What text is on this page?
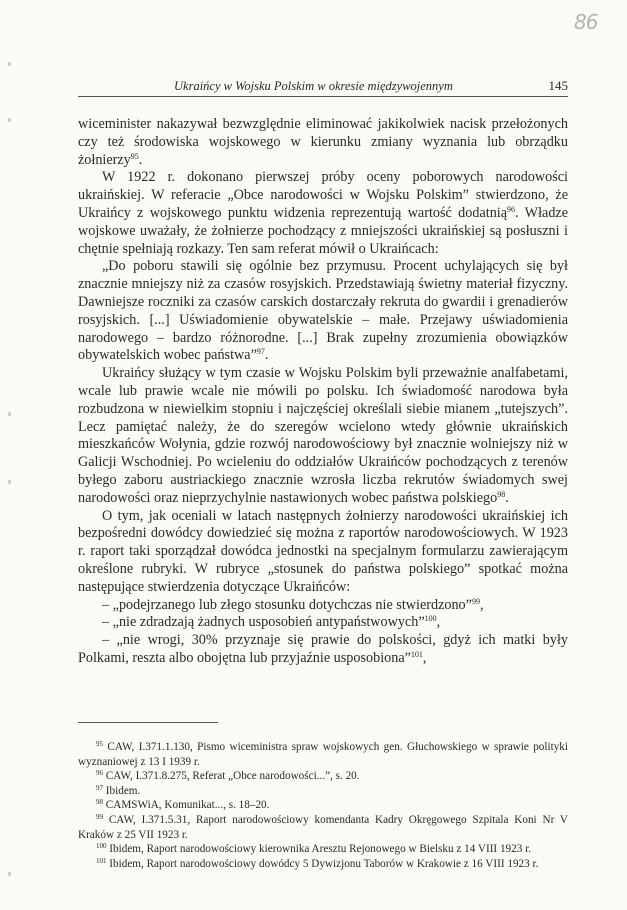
86
Ukraińcy w Wojsku Polskim w okresie międzywojennym	145

wiceminister nakazywał bezwzględnie eliminować jakikolwiek nacisk przełożonych czy też środowiska wojskowego w kierunku zmiany wyznania lub obrządku żołnierzy$^{95}$.

W 1922 r. dokonano pierwszej próby oceny poborowych narodowości ukraińskiej. W referacie „Obce narodowości w Wojsku Polskim” stwierdzono, że Ukraińcy z wojskowego punktu widzenia reprezentują wartość dodatnią$^{96}$. Władze wojskowe uważały, że żołnierze pochodzący z mniejszości ukraińskiej są posłuszni i chętnie spełniają rozkazy. Ten sam referat mówił o Ukraińcach:

„Do poboru stawili się ogólnie bez przymusu. Procent uchylających się był znacznie mniejszy niż za czasów rosyjskich. Przedstawiają świetny materiał fizyczny. Dawniejsze roczniki za czasów carskich dostarczały rekruta do gwardii i grenadierów rosyjskich. [...] Uświadomienie obywatelskie – małe. Przejawy uświadomienia narodowego – bardzo różnorodne. [...] Brak zupełny zrozumienia obowiązków obywatelskich wobec państwa”$^{97}$.

Ukraińcy służący w tym czasie w Wojsku Polskim byli przeważnie analfabetami, wcale lub prawie wcale nie mówili po polsku. Ich świadomość narodowa była rozbudzona w niewielkim stopniu i najczęściej określali siebie mianem „tutejszych”. Lecz pamiętać należy, że do szeregów wcielono wtedy głównie ukraińskich mieszkańców Wołynia, gdzie rozwój narodowościowy był znacznie wolniejszy niż w Galicji Wschodniej. Po wcieleniu do oddziałów Ukraińców pochodzących z terenów byłego zaboru austriackiego znacznie wzrosła liczba rekrutów świadomych swej narodowości oraz nieprzychylnie nastawionych wobec państwa polskiego$^{98}$.

O tym, jak oceniali w latach następnych żołnierzy narodowości ukraińskiej ich bezpośredni dowódcy dowiedzieć się można z raportów narodowościowych. W 1923 r. raport taki sporządzał dowódca jednostki na specjalnym formularzu zawierającym określone rubryki. W rubryce „stosunek do państwa polskiego” spotkać można następujące stwierdzenia dotyczące Ukraińców:

– „podejrzanego lub złego stosunku dotychczas nie stwierdzono”$^{99}$,

– „nie zdradzają żadnych usposobień antypaństwowych”$^{100}$,

– „nie wrogi, 30% przyznaje się prawie do polskości, gdyż ich matki były Polkami, reszta albo obojętna lub przyjaźnie usposobiona”$^{101}$,

$^{95}$ CAW, I.371.1.130, Pismo wiceministra spraw wojskowych gen. Głuchowskiego w sprawie polityki wyznaniowej z 13 I 1939 r.

$^{96}$ CAW, I.371.8.275, Referat „Obce narodowości...”, s. 20.

$^{97}$ Ibidem.

$^{98}$ CAMSWiA, Komunikat..., s. 18–20.

$^{99}$ CAW, I.371.5.31, Raport narodowościowy komendanta Kadry Okręgowego Szpitala Koni Nr V Kraków z 25 VII 1923 r.

$^{100}$ Ibidem, Raport narodowościowy kierownika Aresztu Rejonowego w Bielsku z 14 VIII 1923 r.

$^{101}$ Ibidem, Raport narodowościowy dowódcy 5 Dywizjonu Taborów w Krakowie z 16 VIII 1923 r.
